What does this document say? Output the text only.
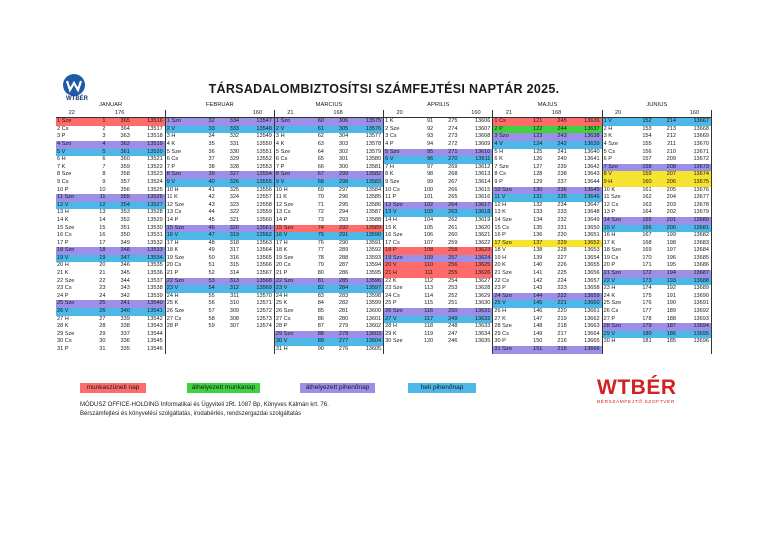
WTBÉR
TÁRSADALOMBIZTOSÍTSI SZÁMFEJTÉSI NAPTÁR 2025.
JANUÁR				FEBRUÁR				MÁRCIUS				ÁPRILIS				MÁJUS				JÚNIUS			
22		176					160	21		168		20			160	21		168		20			160
1 Sze	1	365	13516	1 Szo	32	334	13547	1 Szo	60	306	13575	1 K	91	275	13606	1 Cs	121	245	13636	1 V	152	214	13667
2 Cs	2	364	13517	2 V	33	333	13548	2 V	61	305	13576	2 Sze	92	274	13607	2 P	122	244	13637	2 H	153	213	13668
3 P	3	363	13518	3 H	34	332	13549	3 H	62	304	13577	3 Cs	93	273	13608	3 Szo	123	243	13638	3 K	154	212	13669
4 Szo	4	362	13519	4 K	35	331	13550	4 K	63	303	13578	4 P	94	272	13609	4 V	124	242	13639	4 Sze	155	211	13670
5 V	5	361	13520	5 Sze	36	330	13551	5 Sze	64	302	13579	5 Szo	95	271	13610	5 H	125	241	13640	5 Cs	156	210	13671
6 H	6	360	13521	6 Cs	37	329	13552	6 Cs	65	301	13580	6 V	96	270	13611	6 K	126	240	13641	6 P	157	209	13672
7 K	7	359	13522	7 P	38	328	13553	7 P	66	300	13581	7 H	97	269	13612	7 Sze	127	239	13642	7 Szo	158	208	13673
8 Sze	8	358	13523	8 Szo	39	327	13554	8 Szo	67	299	13582	8 K	98	268	13613	8 Cs	128	238	13643	8 V	159	207	13674
9 Cs	9	357	13524	9 V	40	326	13555	9 V	68	298	13583	9 Sze	99	267	13614	9 P	129	237	13644	9 H	160	206	13675
10 P	10	356	13525	10 H	41	325	13556	10 H	69	297	13584	10 Cs	100	266	13615	10 Szo	130	236	13645	10 K	161	205	13676
11 Szo	11	355	13526	11 K	42	324	13557	11 K	70	296	13585	11 P	101	265	13616	11 V	131	235	13646	11 Sze	162	204	13677
12 V	12	354	13527	12 Sze	43	323	13558	12 Sze	71	295	13586	12 Szo	102	264	13617	12 H	132	234	13647	12 Cs	163	203	13678
13 H	13	353	13528	13 Cs	44	322	13559	13 Cs	72	294	13587	13 V	103	263	13618	13 K	133	233	13648	13 P	164	202	13679
14 K	14	352	13529	14 P	45	321	13560	14 P	73	293	13588	14 H	104	262	13619	14 Sze	134	232	13649	14 Szo	165	201	13680
15 Sze	15	351	13530	15 Szo	46	320	13561	15 Szo	74	292	13589	15 K	105	261	13620	15 Cs	135	231	13650	15 V	166	200	13681
16 Cs	16	350	13531	16 V	47	319	13562	16 V	75	291	13590	16 Sze	106	260	13621	16 P	136	230	13651	16 H	167	199	13682
17 P	17	349	13532	17 H	48	318	13563	17 H	76	290	13591	17 Cs	107	259	13622	17 Szo	137	229	13652	17 K	168	198	13683
18 Szo	18	348	13533	18 K	49	317	13564	18 K	77	289	13592	18 P	108	258	13623	18 V	138	228	13653	18 Sze	169	197	13684
19 V	19	347	13534	19 Sze	50	316	13565	19 Sze	78	288	13593	19 Szo	109	257	13624	19 H	139	227	13654	19 Cs	170	196	13685
20 H	20	346	13535	20 Cs	51	315	13566	20 Cs	79	287	13594	20 V	110	256	13625	20 K	140	226	13655	20 P	171	195	13686
21 K	21	345	13536	21 P	52	314	13567	21 P	80	286	13595	21 H	111	255	13626	21 Sze	141	225	13656	21 Szo	172	194	13687
22 Sze	22	344	13537	22 Szo	53	313	13568	22 Szo	81	285	13596	22 K	112	254	13627	22 Cs	142	224	13657	22 V	173	193	13688
23 Cs	23	343	13538	23 V	54	312	13569	23 V	82	284	13597	23 Sze	113	253	13628	23 P	143	223	13658	23 H	174	192	13689
24 P	24	342	13539	24 H	55	311	13570	24 H	83	283	13598	24 Cs	114	252	13629	24 Szo	144	222	13659	24 K	175	191	13690
25 Szo	25	341	13540	25 K	56	310	13571	25 K	84	282	13599	25 P	115	251	13630	25 V	145	221	13660	25 Sze	176	190	13691
26 V	26	340	13541	26 Sze	57	309	13572	26 Sze	85	281	13600	26 Szo	116	250	13631	26 H	146	220	13661	26 Cs	177	189	13692
27 H	27	339	13542	27 Cs	58	308	13573	27 Cs	86	280	13601	27 V	117	249	13632	27 K	147	219	13662	27 P	178	188	13693
28 K	28	338	13543	28 P	59	307	13574	28 P	87	279	13602	28 H	118	248	13633	28 Sze	148	218	13663	28 Szo	179	187	13694
29 Sze	29	337	13544					29 Szo	88	278	13603	29 K	119	247	13634	29 Cs	149	217	13664	29 V	180	186	13695
30 Cs	30	336	13545					30 V	89	277	13604	30 Sze	120	246	13635	30 P	150	216	13665	30 H	181	185	13696
31 P	31	335	13546					31 H	90	276	13605					31 Szo	151	215	13666				
munkaszüneti nap	áthelyezett munkanap	áthelyezett pihenőnap	heti pihenőnap
MÓDUSZ OFFICE-HOLDING Informatikai és Ügyviteli zRt. 1087 Bp, Könyves Kálmán krt. 76.
Bérszámfejtési és könyvelési szolgáltatás, irodabérlés, rendszergazdai szolgáltatás
WTBÉR
BÉRSZÁMFEJTŐ SZOFTVER
